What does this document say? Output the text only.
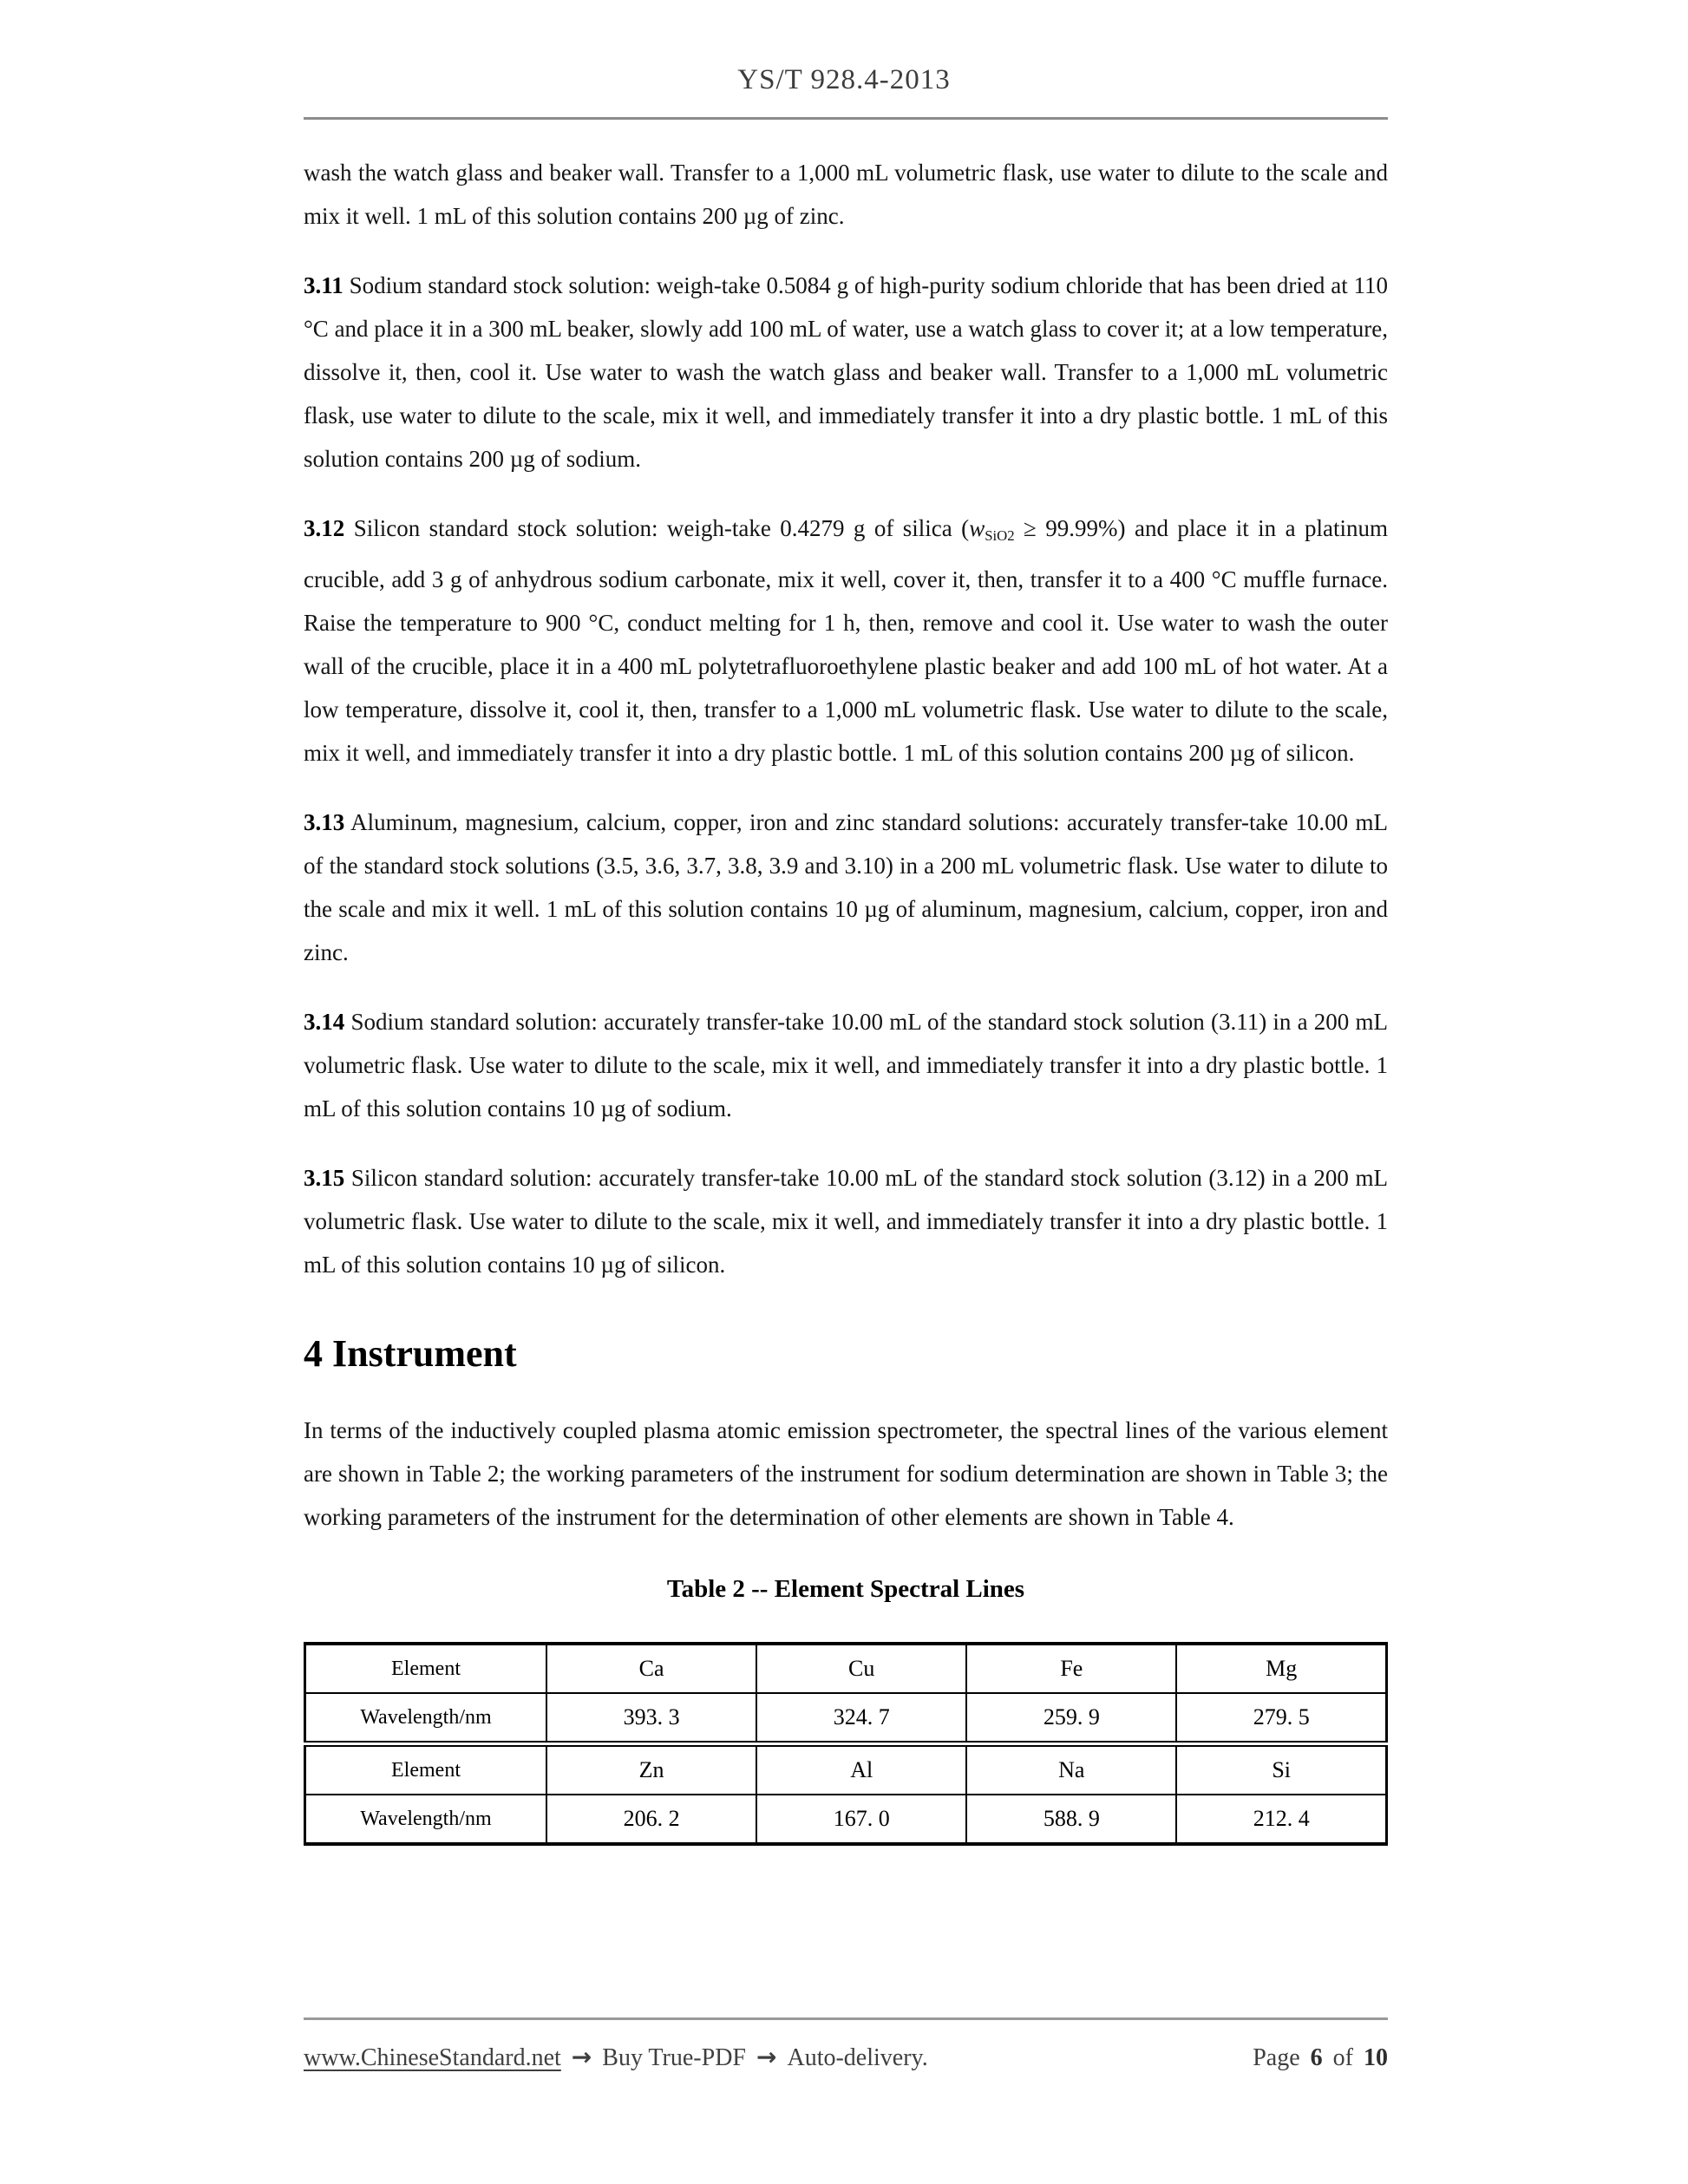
YS/T 928.4-2013

wash the watch glass and beaker wall. Transfer to a 1,000 mL volumetric flask, use water to dilute to the scale and mix it well. 1 mL of this solution contains 200 µg of zinc.

3.11 Sodium standard stock solution: weigh-take 0.5084 g of high-purity sodium chloride that has been dried at 110 °C and place it in a 300 mL beaker, slowly add 100 mL of water, use a watch glass to cover it; at a low temperature, dissolve it, then, cool it. Use water to wash the watch glass and beaker wall. Transfer to a 1,000 mL volumetric flask, use water to dilute to the scale, mix it well, and immediately transfer it into a dry plastic bottle. 1 mL of this solution contains 200 µg of sodium.

3.12 Silicon standard stock solution: weigh-take 0.4279 g of silica $(w_{SiO2} \ge 99.99\%)$ and place it in a platinum crucible, add 3 g of anhydrous sodium carbonate, mix it well, cover it, then, transfer it to a 400 °C muffle furnace. Raise the temperature to 900 °C, conduct melting for 1 h, then, remove and cool it. Use water to wash the outer wall of the crucible, place it in a 400 mL polytetrafluoroethylene plastic beaker and add 100 mL of hot water. At a low temperature, dissolve it, cool it, then, transfer to a 1,000 mL volumetric flask. Use water to dilute to the scale, mix it well, and immediately transfer it into a dry plastic bottle. 1 mL of this solution contains 200 µg of silicon.

3.13 Aluminum, magnesium, calcium, copper, iron and zinc standard solutions: accurately transfer-take 10.00 mL of the standard stock solutions (3.5, 3.6, 3.7, 3.8, 3.9 and 3.10) in a 200 mL volumetric flask. Use water to dilute to the scale and mix it well. 1 mL of this solution contains 10 µg of aluminum, magnesium, calcium, copper, iron and zinc.

3.14 Sodium standard solution: accurately transfer-take 10.00 mL of the standard stock solution (3.11) in a 200 mL volumetric flask. Use water to dilute to the scale, mix it well, and immediately transfer it into a dry plastic bottle. 1 mL of this solution contains 10 µg of sodium.

3.15 Silicon standard solution: accurately transfer-take 10.00 mL of the standard stock solution (3.12) in a 200 mL volumetric flask. Use water to dilute to the scale, mix it well, and immediately transfer it into a dry plastic bottle. 1 mL of this solution contains 10 µg of silicon.

4 Instrument

In terms of the inductively coupled plasma atomic emission spectrometer, the spectral lines of the various element are shown in Table 2; the working parameters of the instrument for sodium determination are shown in Table 3; the working parameters of the instrument for the determination of other elements are shown in Table 4.

Table 2 -- Element Spectral Lines
Element	Ca	Cu	Fe	Mg
Wavelength/nm	393. 3	324. 7	259. 9	279. 5
Element	Zn	Al	Na	Si
Wavelength/nm	206. 2	167. 0	588. 9	212. 4
www.ChineseStandard.net → Buy True-PDF → Auto-delivery.	Page 6 of 10
